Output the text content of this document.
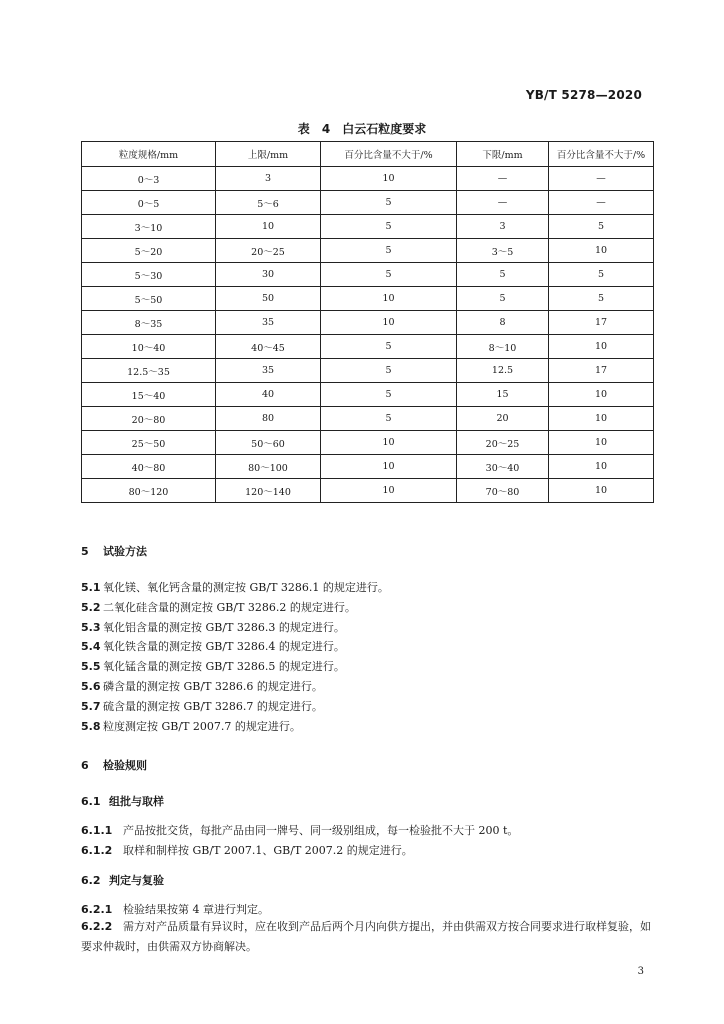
YB/T 5278—2020
表 4　白云石粒度要求
粒度规格/mm	上限/mm	百分比含量不大于/%	下限/mm	百分比含量不大于/%
0～3	3	10	—	—
0～5	5～6	5	—	—
3～10	10	5	3	5
5～20	20～25	5	3～5	10
5～30	30	5	5	5
5～50	50	10	5	5
8～35	35	10	8	17
10～40	40～45	5	8～10	10
12.5～35	35	5	12.5	17
15～40	40	5	15	10
20～80	80	5	20	10
25～50	50～60	10	20～25	10
40～80	80～100	10	30～40	10
80～120	120～140	10	70～80	10
5 试验方法
5.1 氧化镁、氧化钙含量的测定按 GB/T 3286.1 的规定进行。
5.2 二氧化硅含量的测定按 GB/T 3286.2 的规定进行。
5.3 氧化铝含量的测定按 GB/T 3286.3 的规定进行。
5.4 氧化铁含量的测定按 GB/T 3286.4 的规定进行。
5.5 氧化锰含量的测定按 GB/T 3286.5 的规定进行。
5.6 磷含量的测定按 GB/T 3286.6 的规定进行。
5.7 硫含量的测定按 GB/T 3286.7 的规定进行。
5.8 粒度测定按 GB/T 2007.7 的规定进行。
6 检验规则
6.1 组批与取样
6.1.1 产品按批交货，每批产品由同一牌号、同一级别组成，每一检验批不大于 200 t。
6.1.2 取样和制样按 GB/T 2007.1、GB/T 2007.2 的规定进行。
6.2 判定与复验
6.2.1 检验结果按第 4 章进行判定。
6.2.2 需方对产品质量有异议时，应在收到产品后两个月内向供方提出，并由供需双方按合同要求进行取样复验，如要求仲裁时，由供需双方协商解决。
3
